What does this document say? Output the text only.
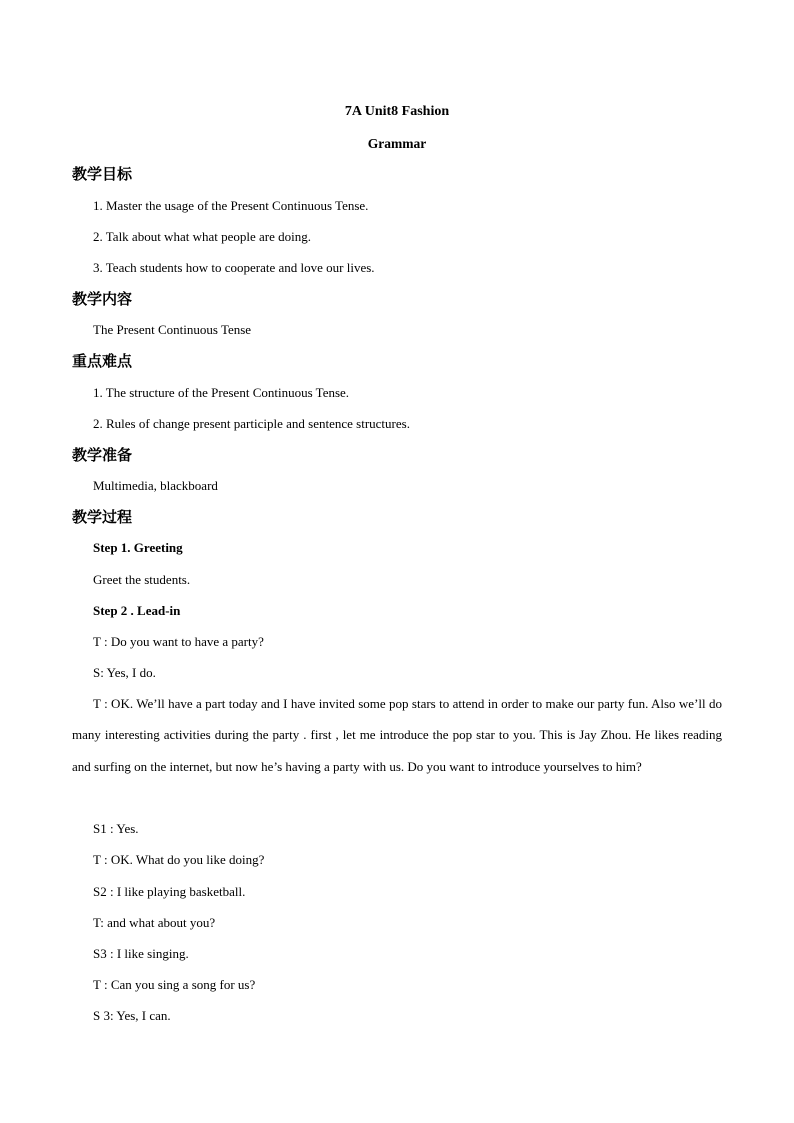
7A Unit8 Fashion
Grammar
教学目标
1. Master the usage of the Present Continuous Tense.
2. Talk about what what people are doing.
3. Teach students how to cooperate and love our lives.
教学内容
The Present Continuous Tense
重点难点
1. The structure of the Present Continuous Tense.
2. Rules of change present participle and sentence structures.
教学准备
Multimedia, blackboard
教学过程
Step 1. Greeting
Greet the students.
Step 2 . Lead-in
T : Do you want to have a party?
S: Yes, I do.
T : OK. We’ll have a part today and I have invited some pop stars to attend in order to make our party fun. Also we’ll do many interesting activities during the party . first , let me introduce the pop star to you. This is Jay Zhou. He likes reading and surfing on the internet, but now he’s having a party with us. Do you want to introduce yourselves to him?
S1 : Yes.
T : OK. What do you like doing?
S2 : I like playing basketball.
T: and what about you?
S3 : I like singing.
T : Can you sing a song for us?
S 3: Yes, I can.
